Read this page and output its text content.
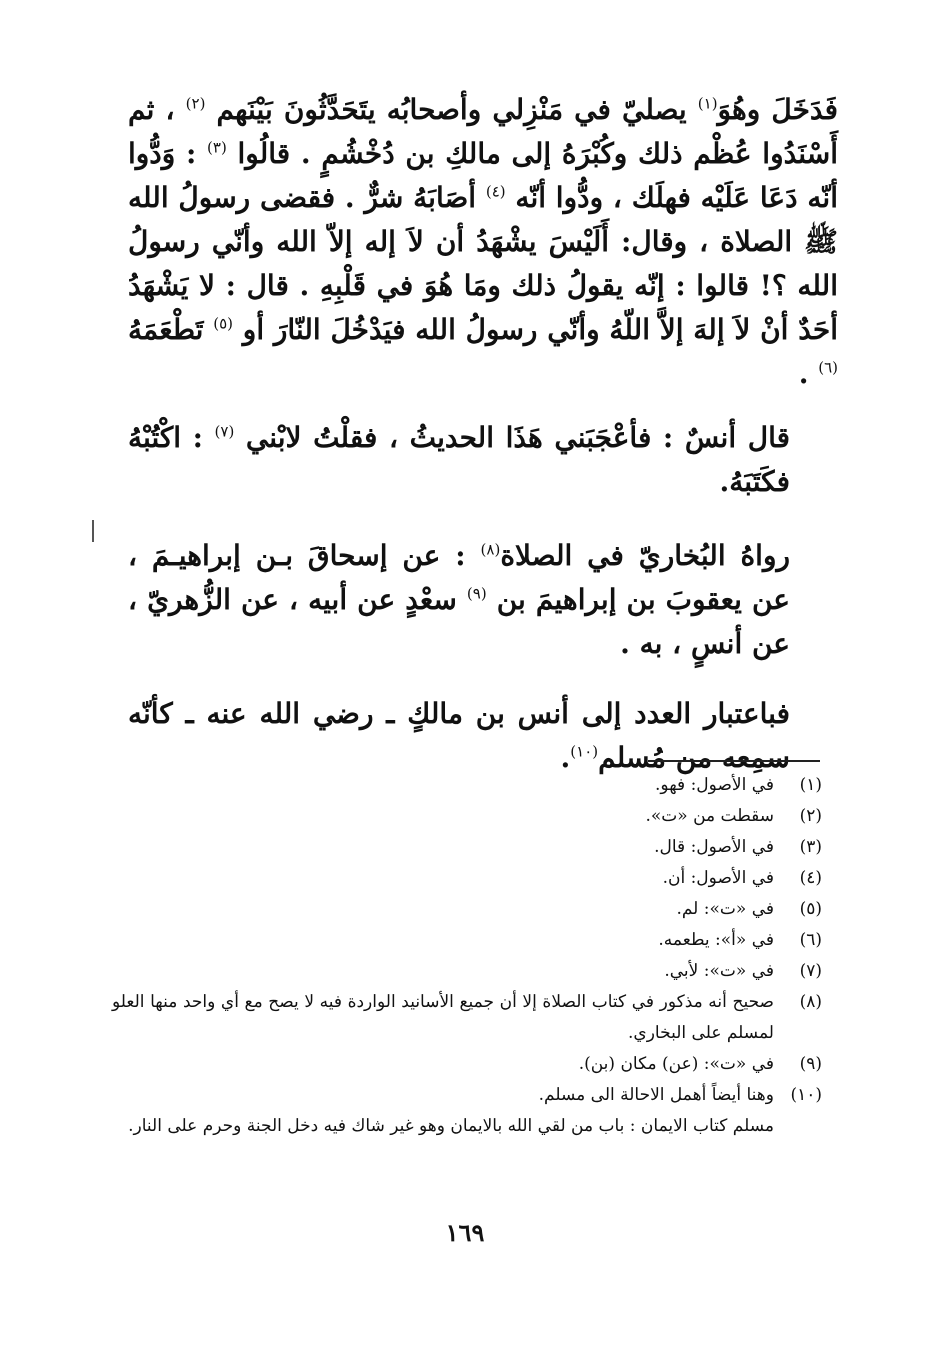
فَدَخَلَ وهُوَ$^{(١)}$ يصليّ في مَنْزِلي وأصحابُه يتَحَدَّثُونَ بَيْنَهم $^{(٢)}$ ، ثم أَسْنَدُوا عُظْم ذلك وكُبْرَهُ إلى مالكِ بن دُخْشُمٍ . قالُوا $^{(٣)}$ : وَدُّوا أنّه دَعَا عَلَيْه فهلَك ، ودُّوا أنّه $^{(٤)}$ أصَابَهُ شرٌّ . فقضى رسولُ الله ﷺ الصلاة ، وقال: أَلَيْسَ يشْهَدُ أن لاَ إله إلاّ الله وأنّي رسولُ الله ؟! قالوا : إنّه يقولُ ذلك ومَا هُوَ في قَلْبِهِ . قال : لا يَشْهَدُ أحَدٌ أنْ لاَ إلهَ إلاَّ اللّهُ وأنّي رسولُ الله فيَدْخُلَ النّارَ أو $^{(٥)}$ تَطْعَمَهُ $^{(٦)}$ .

قال أنسٌ : فأعْجَبَني هَذَا الحديثُ ، فقلْتُ لابْني $^{(٧)}$ : اكْتُبْهُ فكَتَبَهُ.

رواهُ البُخاريّ في الصلاة$^{(٨)}$ : عن إسحاقَ بـن إبراهيـمَ ، عن يعقوبَ بن إبراهيمَ بن $^{(٩)}$ سعْدٍ عن أبيه ، عن الزُّهريّ ، عن أنسٍ ، به .

فباعتبار العدد إلى أنس بن مالكٍ ـ رضي الله عنه ـ كأنّه سمِعه من مُسلم$^{(١٠)}$.

(١)
في الأصول: فهو.
(٢)
سقطت من «ت».
(٣)
في الأصول: قال.
(٤)
في الأصول: أن.
(٥)
في «ت»: لم.
(٦)
في «أ»: يطعمه.
(٧)
في «ت»: لأبي.
(٨)
صحيح أنه مذكور في كتاب الصلاة إلا أن جميع الأسانيد الواردة فيه لا يصح مع أي واحد منها العلو لمسلم على البخاري.
(٩)
في «ت»: (عن) مكان (بن).
(١٠)
وهنا أيضاً أهمل الاحالة الى مسلم.
مسلم كتاب الايمان : باب من لقي الله بالايمان وهو غير شاك فيه دخل الجنة وحرم على النار.
١٦٩
